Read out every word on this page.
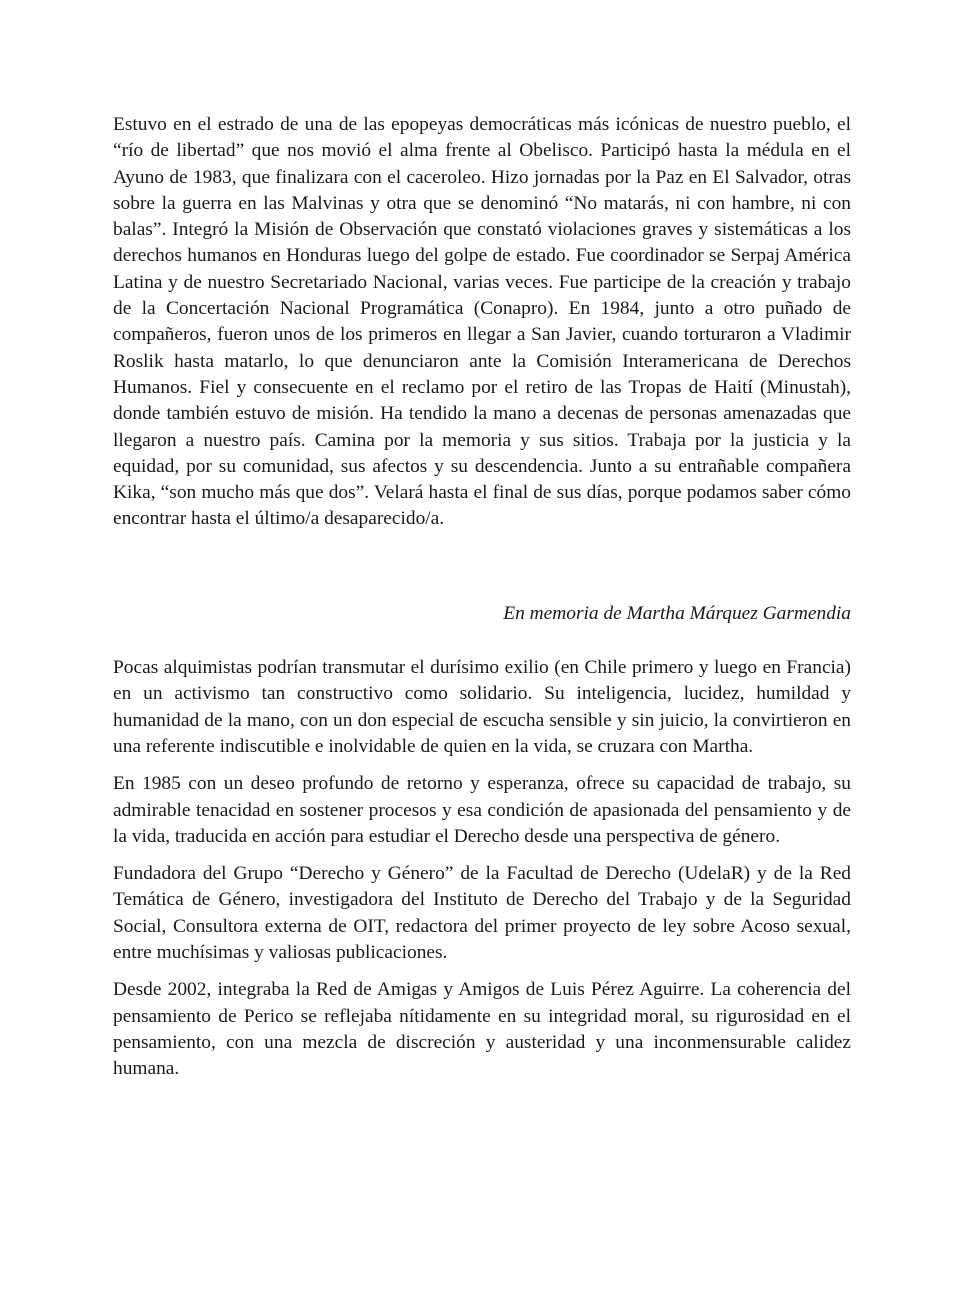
Estuvo en el estrado de una de las epopeyas democráticas más icónicas de nuestro pueblo, el “río de libertad” que nos movió el alma frente al Obelisco. Participó hasta la médula en el Ayuno de 1983, que finalizara con el caceroleo. Hizo jornadas por la Paz en El Salvador, otras sobre la guerra en las Malvinas y otra que se denominó “No matarás, ni con hambre, ni con balas”. Integró la Misión de Observación que constató violaciones graves y sistemáticas a los derechos humanos en Honduras luego del golpe de estado. Fue coordinador se Serpaj América Latina y de nuestro Secretariado Nacional, varias veces. Fue participe de la creación y trabajo de la Concertación Nacional Programática (Conapro). En 1984, junto a otro puñado de compañeros, fueron unos de los primeros en llegar a San Javier, cuando torturaron a Vladimir Roslik hasta matarlo, lo que denunciaron ante la Comisión Interamericana de Derechos Humanos. Fiel y consecuente en el reclamo por el retiro de las Tropas de Haití (Minustah), donde también estuvo de misión. Ha tendido la mano a decenas de personas amenazadas que llegaron a nuestro país. Camina por la memoria y sus sitios. Trabaja por la justicia y la equidad, por su comunidad, sus afectos y su descendencia. Junto a su entrañable compañera Kika, “son mucho más que dos”. Velará hasta el final de sus días, porque podamos saber cómo encontrar hasta el último/a desaparecido/a.

En memoria de Martha Márquez Garmendia

Pocas alquimistas podrían transmutar el durísimo exilio (en Chile primero y luego en Francia) en un activismo tan constructivo como solidario. Su inteligencia, lucidez, humildad y humanidad de la mano, con un don especial de escucha sensible y sin juicio, la convirtieron en una referente indiscutible e inolvidable de quien en la vida, se cruzara con Martha.

En 1985 con un deseo profundo de retorno y esperanza, ofrece su capacidad de trabajo, su admirable tenacidad en sostener procesos y esa condición de apasionada del pensamiento y de la vida, traducida en acción para estudiar el Derecho desde una perspectiva de género.

Fundadora del Grupo “Derecho y Género” de la Facultad de Derecho (UdelaR) y de la Red Temática de Género, investigadora del Instituto de Derecho del Trabajo y de la Seguridad Social, Consultora externa de OIT, redactora del primer proyecto de ley sobre Acoso sexual, entre muchísimas y valiosas publicaciones.

Desde 2002, integraba la Red de Amigas y Amigos de Luis Pérez Aguirre. La coherencia del pensamiento de Perico se reflejaba nítidamente en su integridad moral, su rigurosidad en el pensamiento, con una mezcla de discreción y austeridad y una inconmensurable calidez humana.
